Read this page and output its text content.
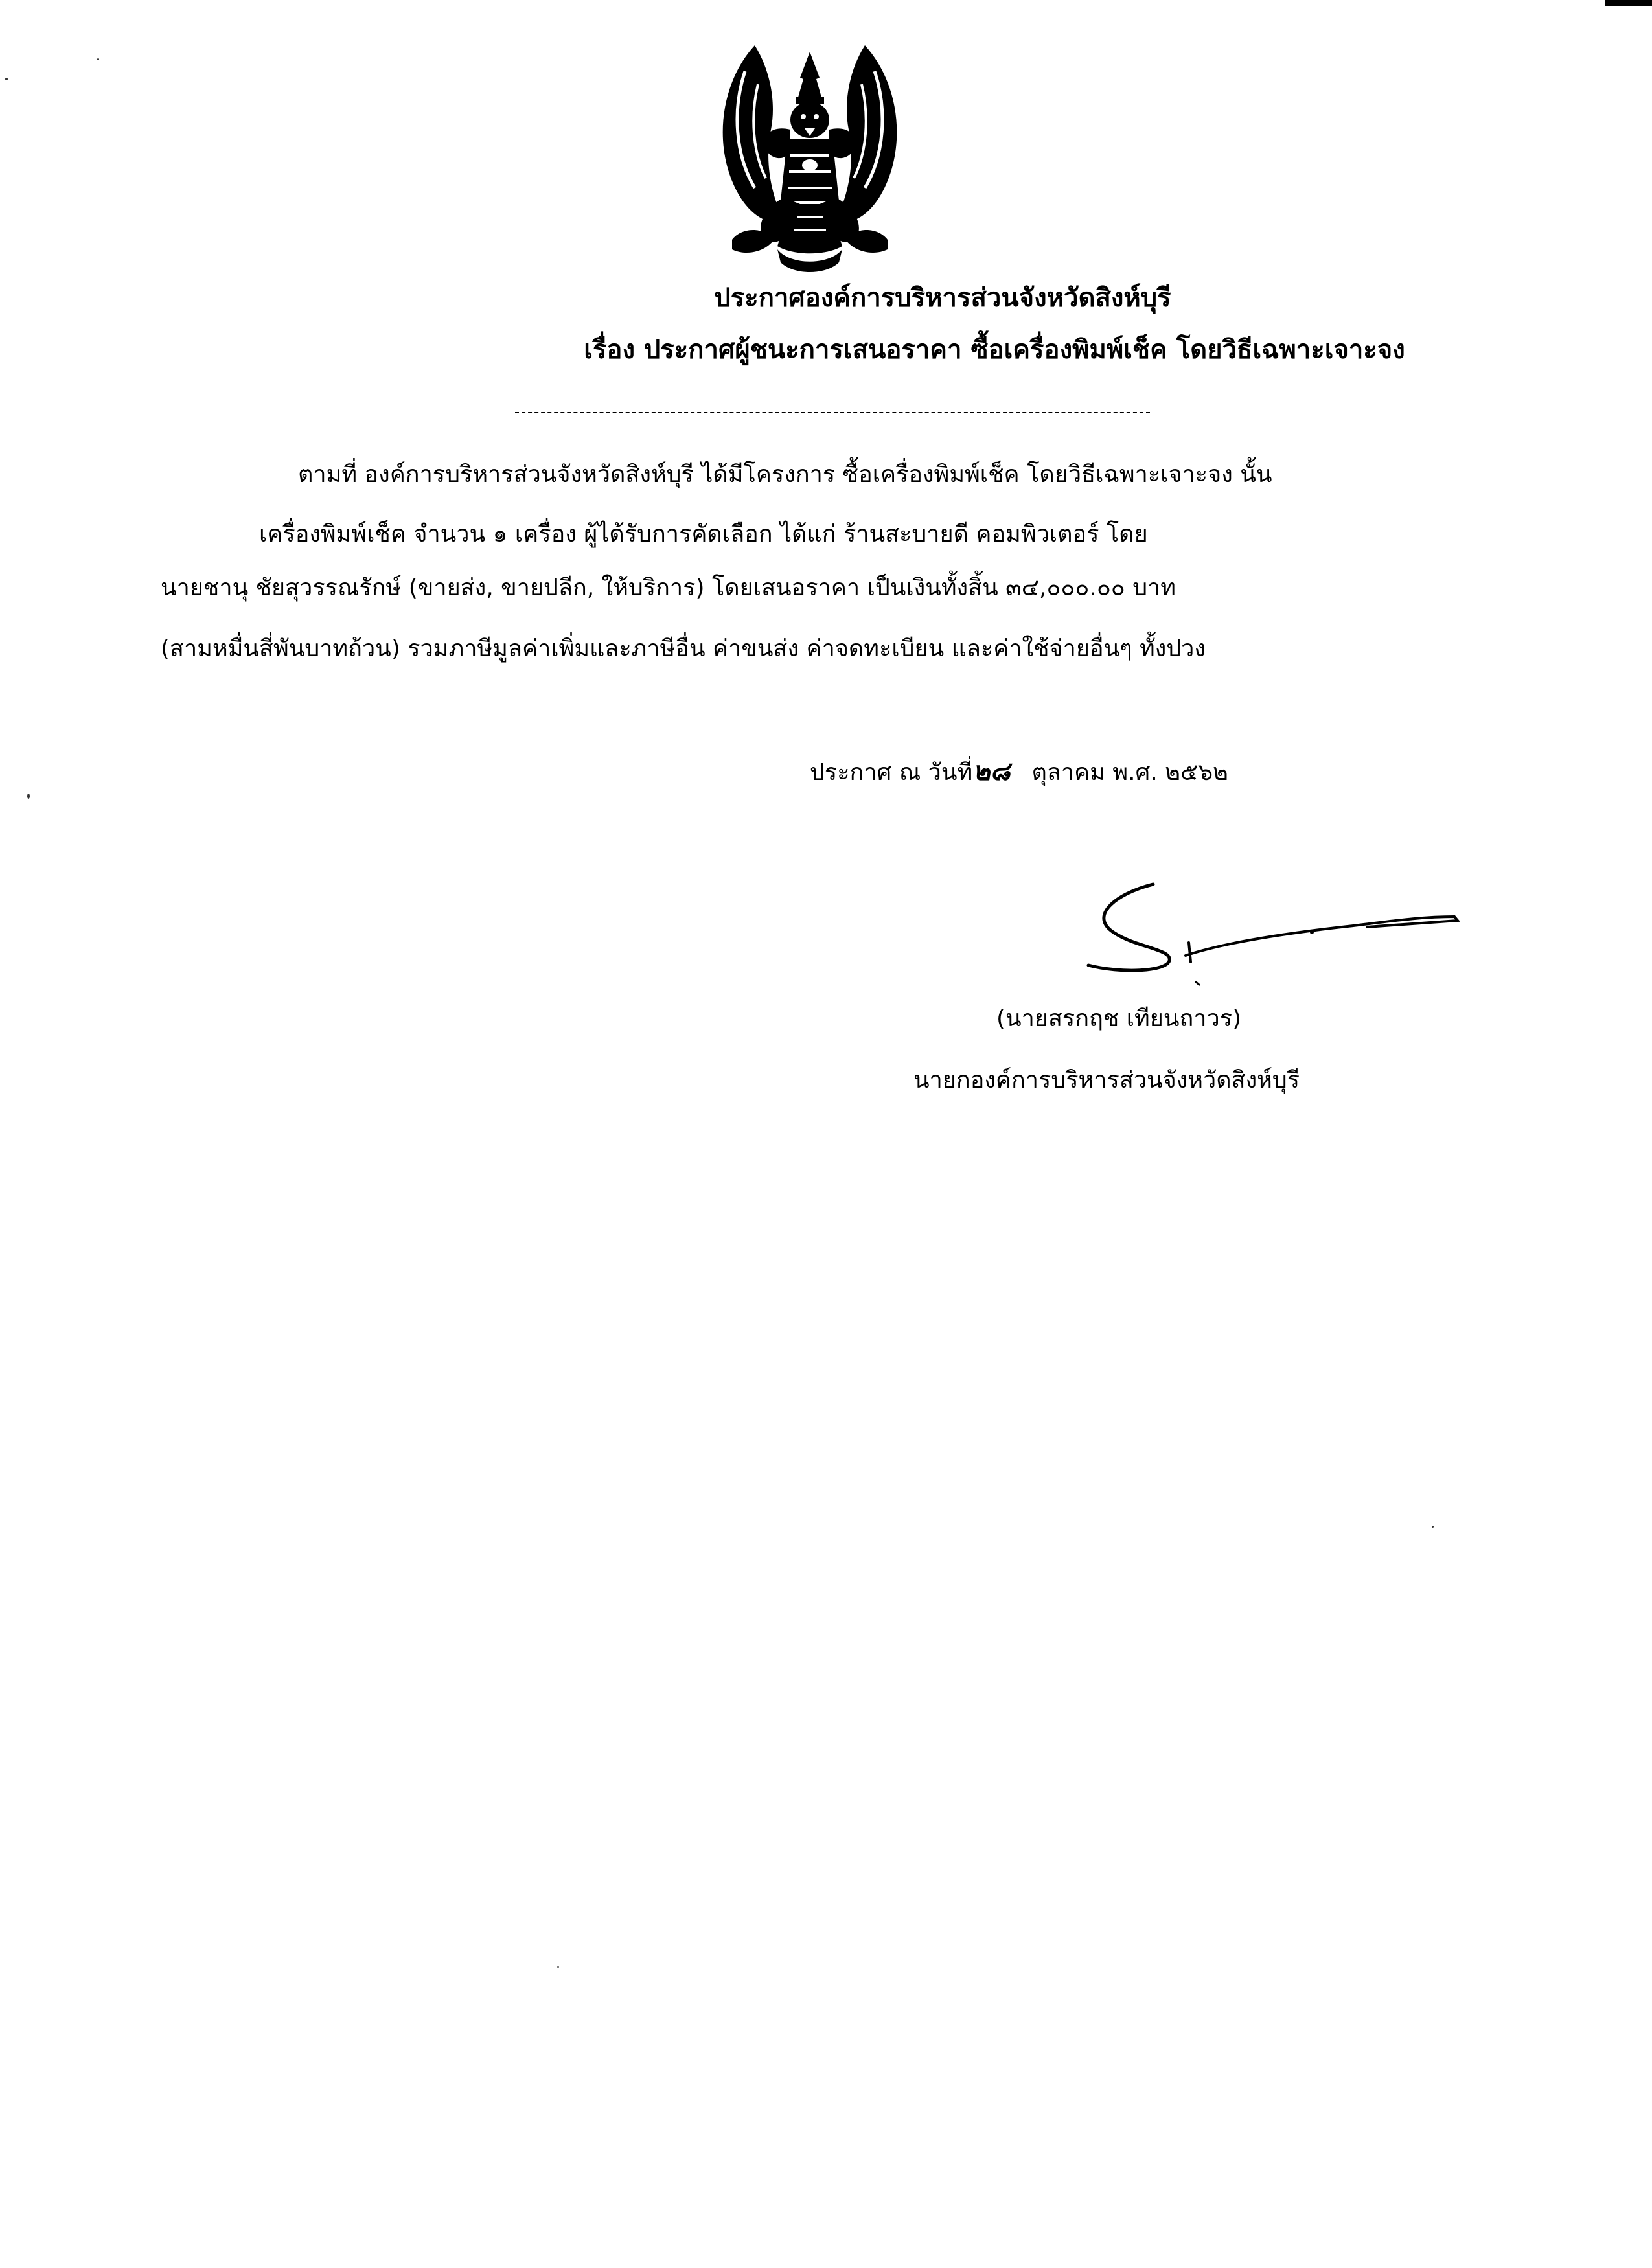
ประกาศองค์การบริหารส่วนจังหวัดสิงห์บุรี
เรื่อง ประกาศผู้ชนะการเสนอราคา ซื้อเครื่องพิมพ์เช็ค โดยวิธีเฉพาะเจาะจง
ตามที่ องค์การบริหารส่วนจังหวัดสิงห์บุรี ได้มีโครงการ ซื้อเครื่องพิมพ์เช็ค โดยวิธีเฉพาะเจาะจง นั้น
เครื่องพิมพ์เช็ค จำนวน ๑ เครื่อง ผู้ได้รับการคัดเลือก ได้แก่ ร้านสะบายดี คอมพิวเตอร์ โดย
นายชานุ ชัยสุวรรณรักษ์ (ขายส่ง, ขายปลีก, ให้บริการ) โดยเสนอราคา เป็นเงินทั้งสิ้น ๓๔,๐๐๐.๐๐ บาท
(สามหมื่นสี่พันบาทถ้วน) รวมภาษีมูลค่าเพิ่มและภาษีอื่น ค่าขนส่ง ค่าจดทะเบียน และค่าใช้จ่ายอื่นๆ ทั้งปวง
ประกาศ ณ วันที่๒๘ ตุลาคม พ.ศ. ๒๕๖๒
(นายสรกฤช เทียนถาวร)
นายกองค์การบริหารส่วนจังหวัดสิงห์บุรี
